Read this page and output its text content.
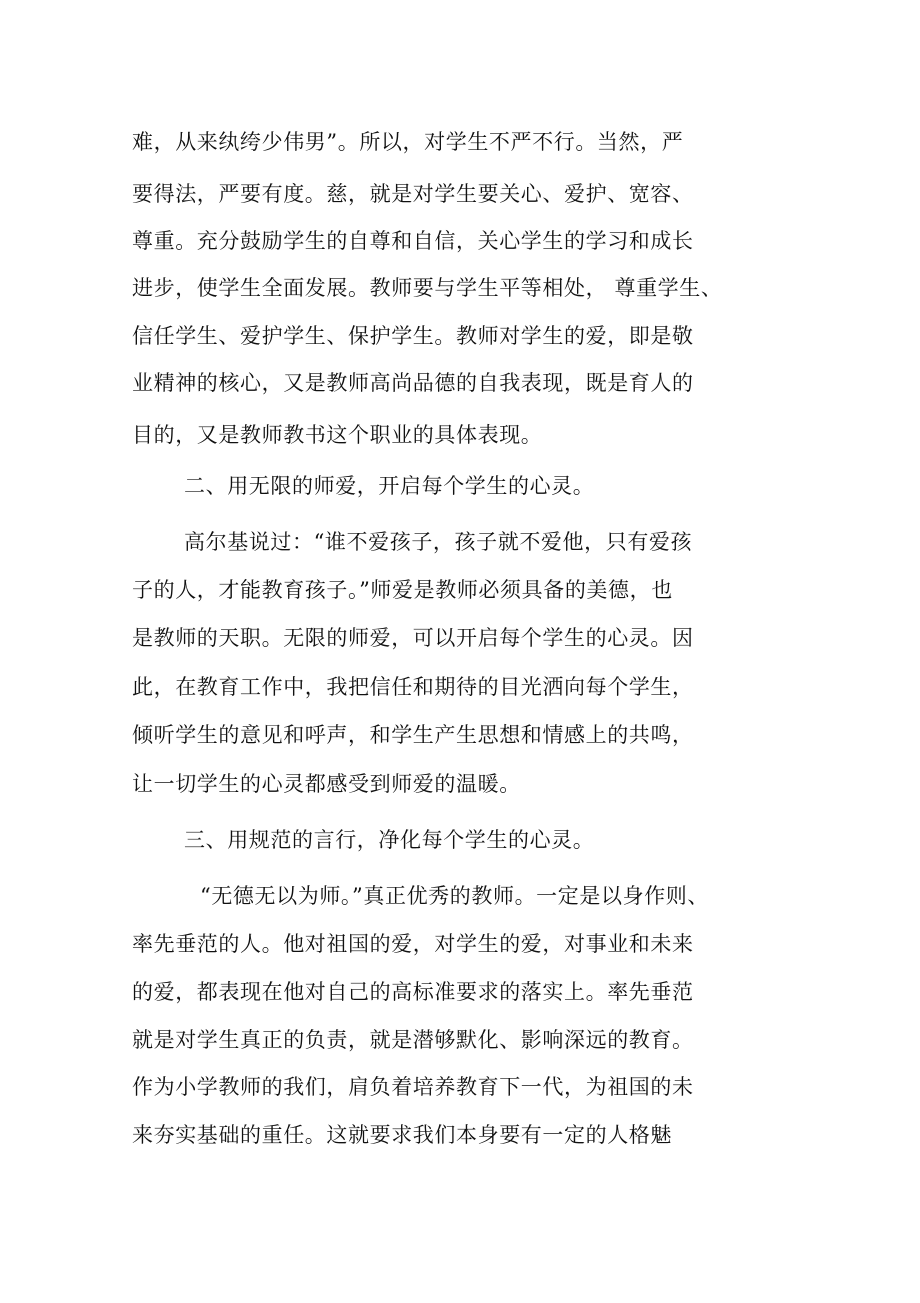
难，从来纨绔少伟男”。所以，对学生不严不行。当然，严
要得法，严要有度。慈，就是对学生要关心、爱护、宽容、
尊重。充分鼓励学生的自尊和自信，关心学生的学习和成长
进步，使学生全面发展。教师要与学生平等相处， 尊重学生、
信任学生、爱护学生、保护学生。教师对学生的爱，即是敬
业精神的核心，又是教师高尚品德的自我表现，既是育人的
目的，又是教师教书这个职业的具体表现。
二、用无限的师爱，开启每个学生的心灵。
高尔基说过：“谁不爱孩子，孩子就不爱他，只有爱孩
子的人，才能教育孩子。”师爱是教师必须具备的美德，也
是教师的天职。无限的师爱，可以开启每个学生的心灵。因
此，在教育工作中，我把信任和期待的目光洒向每个学生，
倾听学生的意见和呼声，和学生产生思想和情感上的共鸣，
让一切学生的心灵都感受到师爱的温暖。
三、用规范的言行，净化每个学生的心灵。
“无德无以为师。”真正优秀的教师。一定是以身作则、
率先垂范的人。他对祖国的爱，对学生的爱，对事业和未来
的爱，都表现在他对自己的高标准要求的落实上。率先垂范
就是对学生真正的负责，就是潜够默化、影响深远的教育。
作为小学教师的我们，肩负着培养教育下一代，为祖国的未
来夯实基础的重任。这就要求我们本身要有一定的人格魅
